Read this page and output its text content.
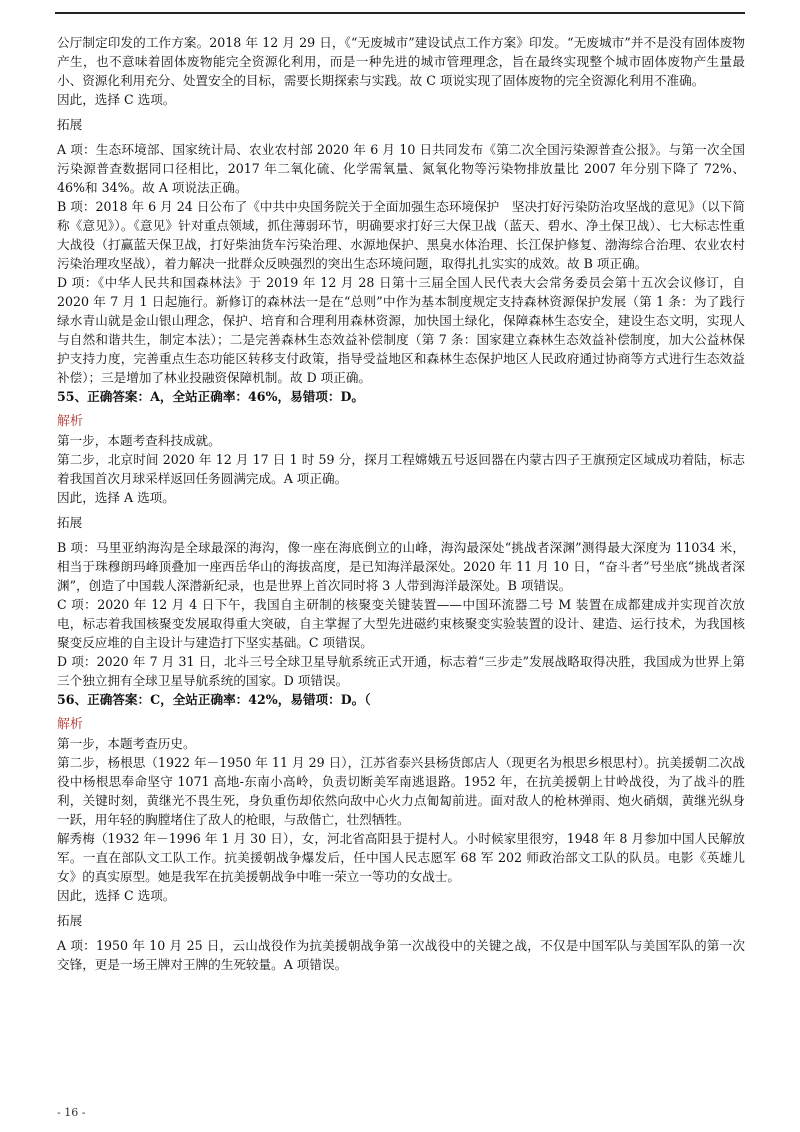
公厅制定印发的工作方案。2018 年 12 月 29 日，《“无废城市”建设试点工作方案》印发。“无废城市”并不是没有固体废物产生，也不意味着固体废物能完全资源化利用，而是一种先进的城市管理理念，旨在最终实现整个城市固体废物产生量最小、资源化利用充分、处置安全的目标，需要长期探索与实践。故 C 项说实现了固体废物的完全资源化利用不准确。

因此，选择 C 选项。

拓展

A 项：生态环境部、国家统计局、农业农村部 2020 年 6 月 10 日共同发布《第二次全国污染源普查公报》。与第一次全国污染源普查数据同口径相比，2017 年二氧化硫、化学需氧量、氮氧化物等污染物排放量比 2007 年分别下降了 72%、46%和 34%。故 A 项说法正确。

B 项：2018 年 6 月 24 日公布了《中共中央国务院关于全面加强生态环境保护　坚决打好污染防治攻坚战的意见》（以下简称《意见》）。《意见》针对重点领域，抓住薄弱环节，明确要求打好三大保卫战（蓝天、碧水、净土保卫战）、七大标志性重大战役（打赢蓝天保卫战，打好柴油货车污染治理、水源地保护、黑臭水体治理、长江保护修复、渤海综合治理、农业农村污染治理攻坚战），着力解决一批群众反映强烈的突出生态环境问题，取得扎扎实实的成效。故 B 项正确。

D 项：《中华人民共和国森林法》于 2019 年 12 月 28 日第十三届全国人民代表大会常务委员会第十五次会议修订，自 2020 年 7 月 1 日起施行。新修订的森林法一是在“总则”中作为基本制度规定支持森林资源保护发展（第 1 条：为了践行绿水青山就是金山银山理念，保护、培育和合理利用森林资源，加快国土绿化，保障森林生态安全，建设生态文明，实现人与自然和谐共生，制定本法）；二是完善森林生态效益补偿制度（第 7 条：国家建立森林生态效益补偿制度，加大公益林保护支持力度，完善重点生态功能区转移支付政策，指导受益地区和森林生态保护地区人民政府通过协商等方式进行生态效益补偿）；三是增加了林业投融资保障机制。故 D 项正确。

55、正确答案：A，全站正确率：46%，易错项：D。

解析

第一步，本题考查科技成就。

第二步，北京时间 2020 年 12 月 17 日 1 时 59 分，探月工程嫦娥五号返回器在内蒙古四子王旗预定区域成功着陆，标志着我国首次月球采样返回任务圆满完成。A 项正确。

因此，选择 A 选项。

拓展

B 项：马里亚纳海沟是全球最深的海沟，像一座在海底倒立的山峰，海沟最深处“挑战者深渊”测得最大深度为 11034 米，相当于珠穆朗玛峰顶叠加一座西岳华山的海拔高度，是已知海洋最深处。2020 年 11 月 10 日，“奋斗者”号坐底“挑战者深渊”，创造了中国载人深潜新纪录，也是世界上首次同时将 3 人带到海洋最深处。B 项错误。

C 项：2020 年 12 月 4 日下午，我国自主研制的核聚变关键装置——中国环流器二号 M 装置在成都建成并实现首次放电，标志着我国核聚变发展取得重大突破，自主掌握了大型先进磁约束核聚变实验装置的设计、建造、运行技术，为我国核聚变反应堆的自主设计与建造打下坚实基础。C 项错误。

D 项：2020 年 7 月 31 日，北斗三号全球卫星导航系统正式开通，标志着“三步走”发展战略取得决胜，我国成为世界上第三个独立拥有全球卫星导航系统的国家。D 项错误。

56、正确答案：C，全站正确率：42%，易错项：D。（

解析

第一步，本题考查历史。

第二步，杨根思（1922 年－1950 年 11 月 29 日），江苏省泰兴县杨货郎店人（现更名为根思乡根思村）。抗美援朝二次战役中杨根思奉命坚守 1071 高地-东南小高岭，负责切断美军南逃退路。1952 年，在抗美援朝上甘岭战役，为了战斗的胜利，关键时刻，黄继光不畏生死，身负重伤却依然向敌中心火力点匍匐前进。面对敌人的枪林弹雨、炮火硝烟，黄继光纵身一跃，用年轻的胸膛堵住了敌人的枪眼，与敌偕亡，壮烈牺牲。

解秀梅（1932 年－1996 年 1 月 30 日），女，河北省高阳县于提村人。小时候家里很穷，1948 年 8 月参加中国人民解放军。一直在部队文工队工作。抗美援朝战争爆发后，任中国人民志愿军 68 军 202 师政治部文工队的队员。电影《英雄儿女》的真实原型。她是我军在抗美援朝战争中唯一荣立一等功的女战士。

因此，选择 C 选项。

拓展

A 项：1950 年 10 月 25 日，云山战役作为抗美援朝战争第一次战役中的关键之战，不仅是中国军队与美国军队的第一次交锋，更是一场王牌对王牌的生死较量。A 项错误。

- 16 -
